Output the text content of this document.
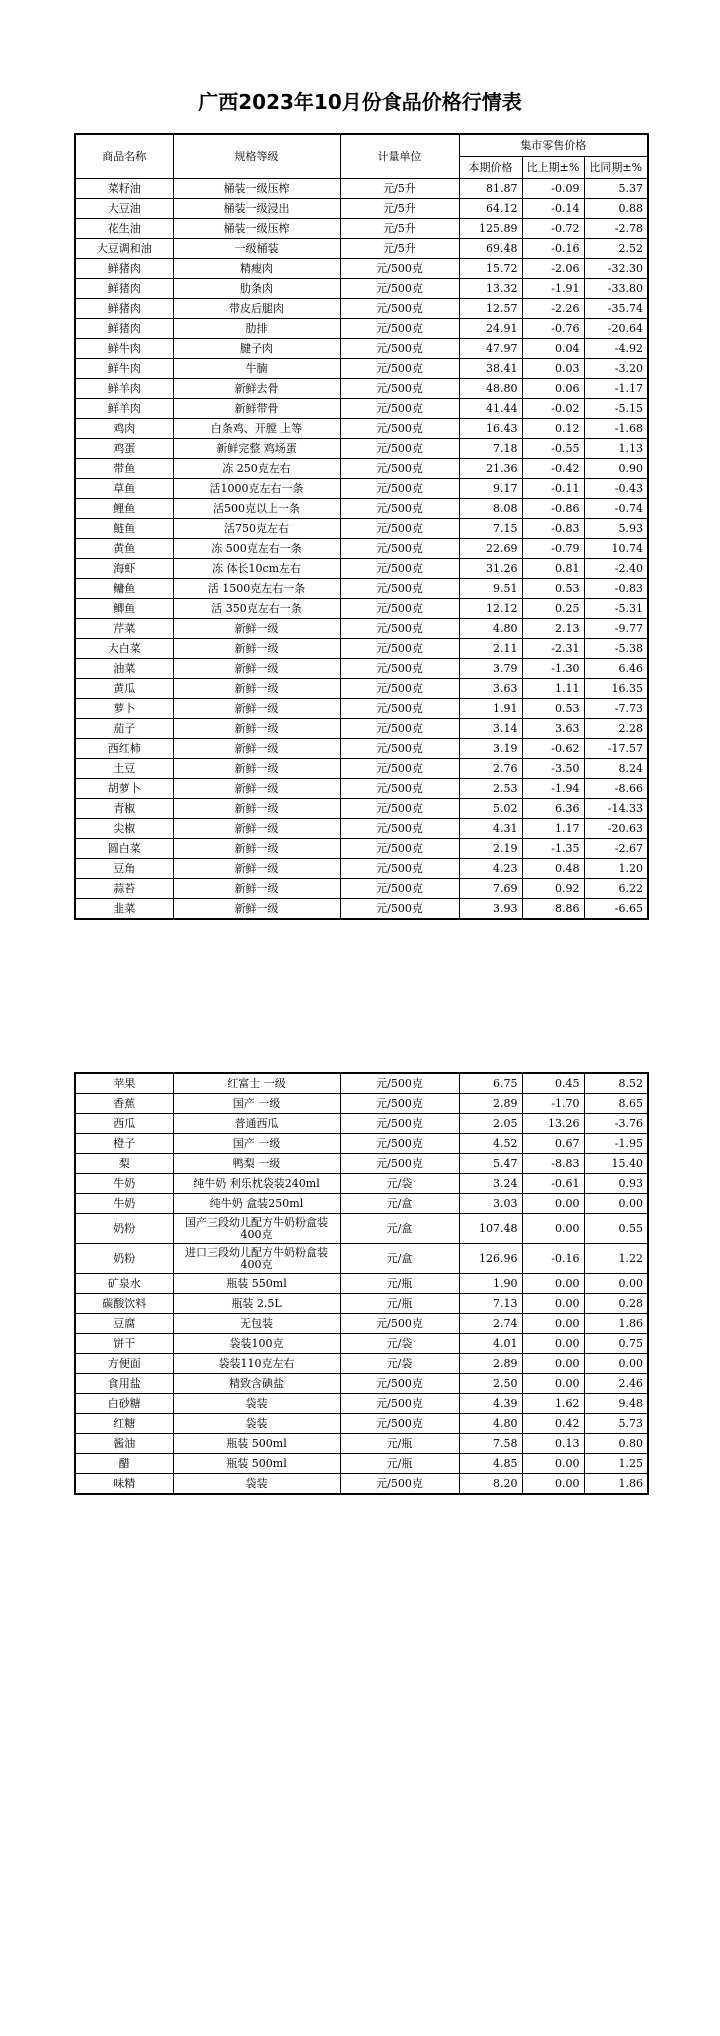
广西2023年10月份食品价格行情表
商品名称	规格等级	计量单位	集市零售价格		
			本期价格	比上期±%	比同期±%
菜籽油	桶装一级压榨	元/5升	81.87	-0.09	5.37
大豆油	桶装一级浸出	元/5升	64.12	-0.14	0.88
花生油	桶装一级压榨	元/5升	125.89	-0.72	-2.78
大豆调和油	一级桶装	元/5升	69.48	-0.16	2.52
鲜猪肉	精瘦肉	元/500克	15.72	-2.06	-32.30
鲜猪肉	肋条肉	元/500克	13.32	-1.91	-33.80
鲜猪肉	带皮后腿肉	元/500克	12.57	-2.26	-35.74
鲜猪肉	肋排	元/500克	24.91	-0.76	-20.64
鲜牛肉	腱子肉	元/500克	47.97	0.04	-4.92
鲜牛肉	牛腩	元/500克	38.41	0.03	-3.20
鲜羊肉	新鲜去骨	元/500克	48.80	0.06	-1.17
鲜羊肉	新鲜带骨	元/500克	41.44	-0.02	-5.15
鸡肉	白条鸡、开膛 上等	元/500克	16.43	0.12	-1.68
鸡蛋	新鲜完整 鸡场蛋	元/500克	7.18	-0.55	1.13
带鱼	冻 250克左右	元/500克	21.36	-0.42	0.90
草鱼	活1000克左右一条	元/500克	9.17	-0.11	-0.43
鲤鱼	活500克以上一条	元/500克	8.08	-0.86	-0.74
鲢鱼	活750克左右	元/500克	7.15	-0.83	5.93
黄鱼	冻 500克左右一条	元/500克	22.69	-0.79	10.74
海虾	冻 体长10cm左右	元/500克	31.26	0.81	-2.40
鳙鱼	活 1500克左右一条	元/500克	9.51	0.53	-0.83
鲫鱼	活 350克左右一条	元/500克	12.12	0.25	-5.31
芹菜	新鲜一级	元/500克	4.80	2.13	-9.77
大白菜	新鲜一级	元/500克	2.11	-2.31	-5.38
油菜	新鲜一级	元/500克	3.79	-1.30	6.46
黄瓜	新鲜一级	元/500克	3.63	1.11	16.35
萝卜	新鲜一级	元/500克	1.91	0.53	-7.73
茄子	新鲜一级	元/500克	3.14	3.63	2.28
西红柿	新鲜一级	元/500克	3.19	-0.62	-17.57
土豆	新鲜一级	元/500克	2.76	-3.50	8.24
胡萝卜	新鲜一级	元/500克	2.53	-1.94	-8.66
青椒	新鲜一级	元/500克	5.02	6.36	-14.33
尖椒	新鲜一级	元/500克	4.31	1.17	-20.63
圆白菜	新鲜一级	元/500克	2.19	-1.35	-2.67
豆角	新鲜一级	元/500克	4.23	0.48	1.20
蒜苔	新鲜一级	元/500克	7.69	0.92	6.22
韭菜	新鲜一级	元/500克	3.93	8.86	-6.65
苹果	红富士 一级	元/500克	6.75	0.45	8.52
香蕉	国产 一级	元/500克	2.89	-1.70	8.65
西瓜	普通西瓜	元/500克	2.05	13.26	-3.76
橙子	国产 一级	元/500克	4.52	0.67	-1.95
梨	鸭梨 一级	元/500克	5.47	-8.83	15.40
牛奶	纯牛奶 利乐枕袋装240ml	元/袋	3.24	-0.61	0.93
牛奶	纯牛奶 盒装250ml	元/盒	3.03	0.00	0.00
奶粉	国产三段幼儿配方牛奶粉盒装400克	元/盒	107.48	0.00	0.55
奶粉	进口三段幼儿配方牛奶粉盒装400克	元/盒	126.96	-0.16	1.22
矿泉水	瓶装 550ml	元/瓶	1.90	0.00	0.00
碳酸饮料	瓶装 2.5L	元/瓶	7.13	0.00	0.28
豆腐	无包装	元/500克	2.74	0.00	1.86
饼干	袋装100克	元/袋	4.01	0.00	0.75
方便面	袋装110克左右	元/袋	2.89	0.00	0.00
食用盐	精致含碘盐	元/500克	2.50	0.00	2.46
白砂糖	袋装	元/500克	4.39	1.62	9.48
红糖	袋装	元/500克	4.80	0.42	5.73
酱油	瓶装 500ml	元/瓶	7.58	0.13	0.80
醋	瓶装 500ml	元/瓶	4.85	0.00	1.25
味精	袋装	元/500克	8.20	0.00	1.86
